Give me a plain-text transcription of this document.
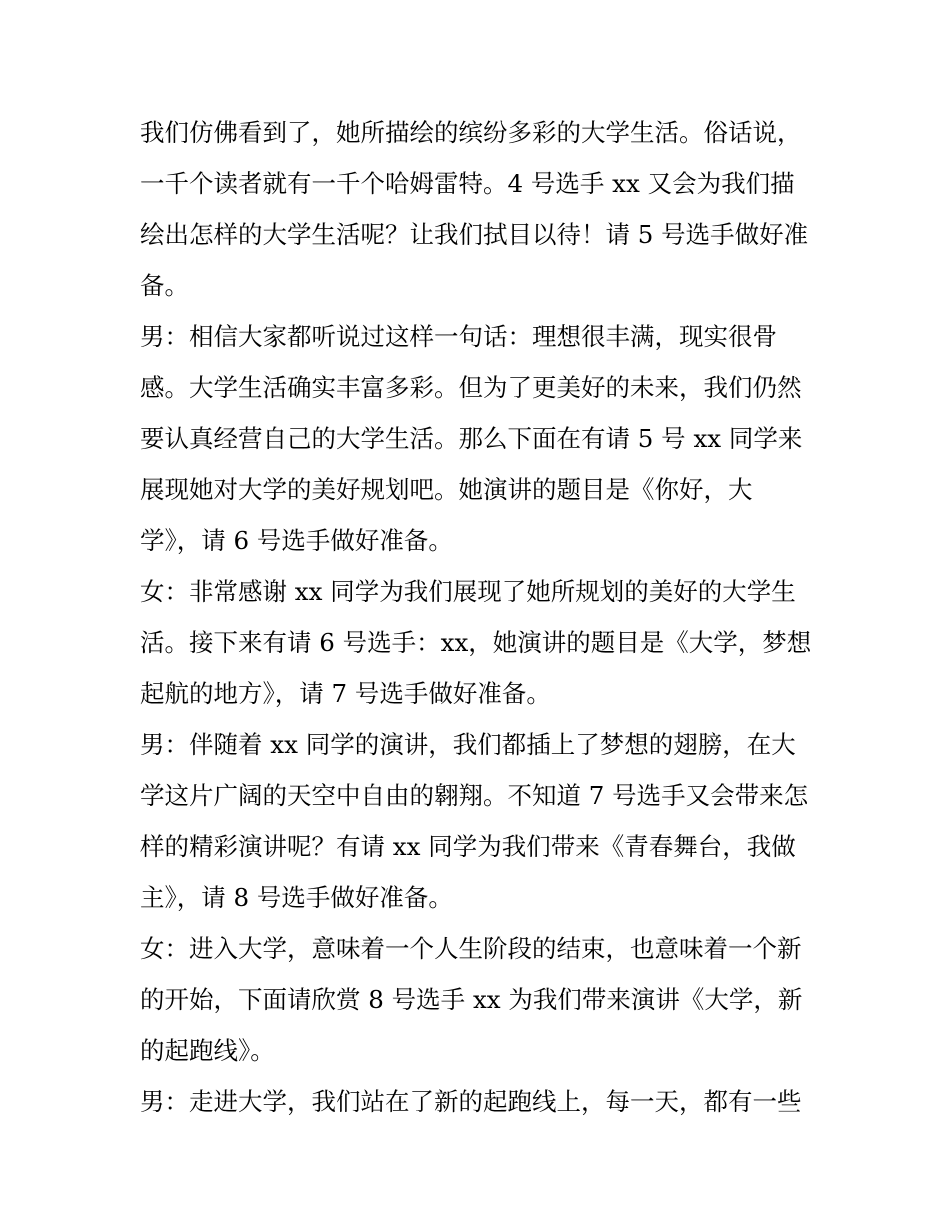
我们仿佛看到了，她所描绘的缤纷多彩的大学生活。俗话说，
一千个读者就有一千个哈姆雷特。4 号选手 xx 又会为我们描
绘出怎样的大学生活呢？让我们拭目以待！请 5 号选手做好准
备。
男：相信大家都听说过这样一句话：理想很丰满，现实很骨
感。大学生活确实丰富多彩。但为了更美好的未来，我们仍然
要认真经营自己的大学生活。那么下面在有请 5 号 xx 同学来
展现她对大学的美好规划吧。她演讲的题目是《你好，大
学》，请 6 号选手做好准备。
女：非常感谢 xx 同学为我们展现了她所规划的美好的大学生
活。接下来有请 6 号选手：xx，她演讲的题目是《大学，梦想
起航的地方》，请 7 号选手做好准备。
男：伴随着 xx 同学的演讲，我们都插上了梦想的翅膀，在大
学这片广阔的天空中自由的翱翔。不知道 7 号选手又会带来怎
样的精彩演讲呢？有请 xx 同学为我们带来《青春舞台，我做
主》，请 8 号选手做好准备。
女：进入大学，意味着一个人生阶段的结束，也意味着一个新
的开始，下面请欣赏 8 号选手 xx 为我们带来演讲《大学，新
的起跑线》。
男：走进大学，我们站在了新的起跑线上，每一天，都有一些
